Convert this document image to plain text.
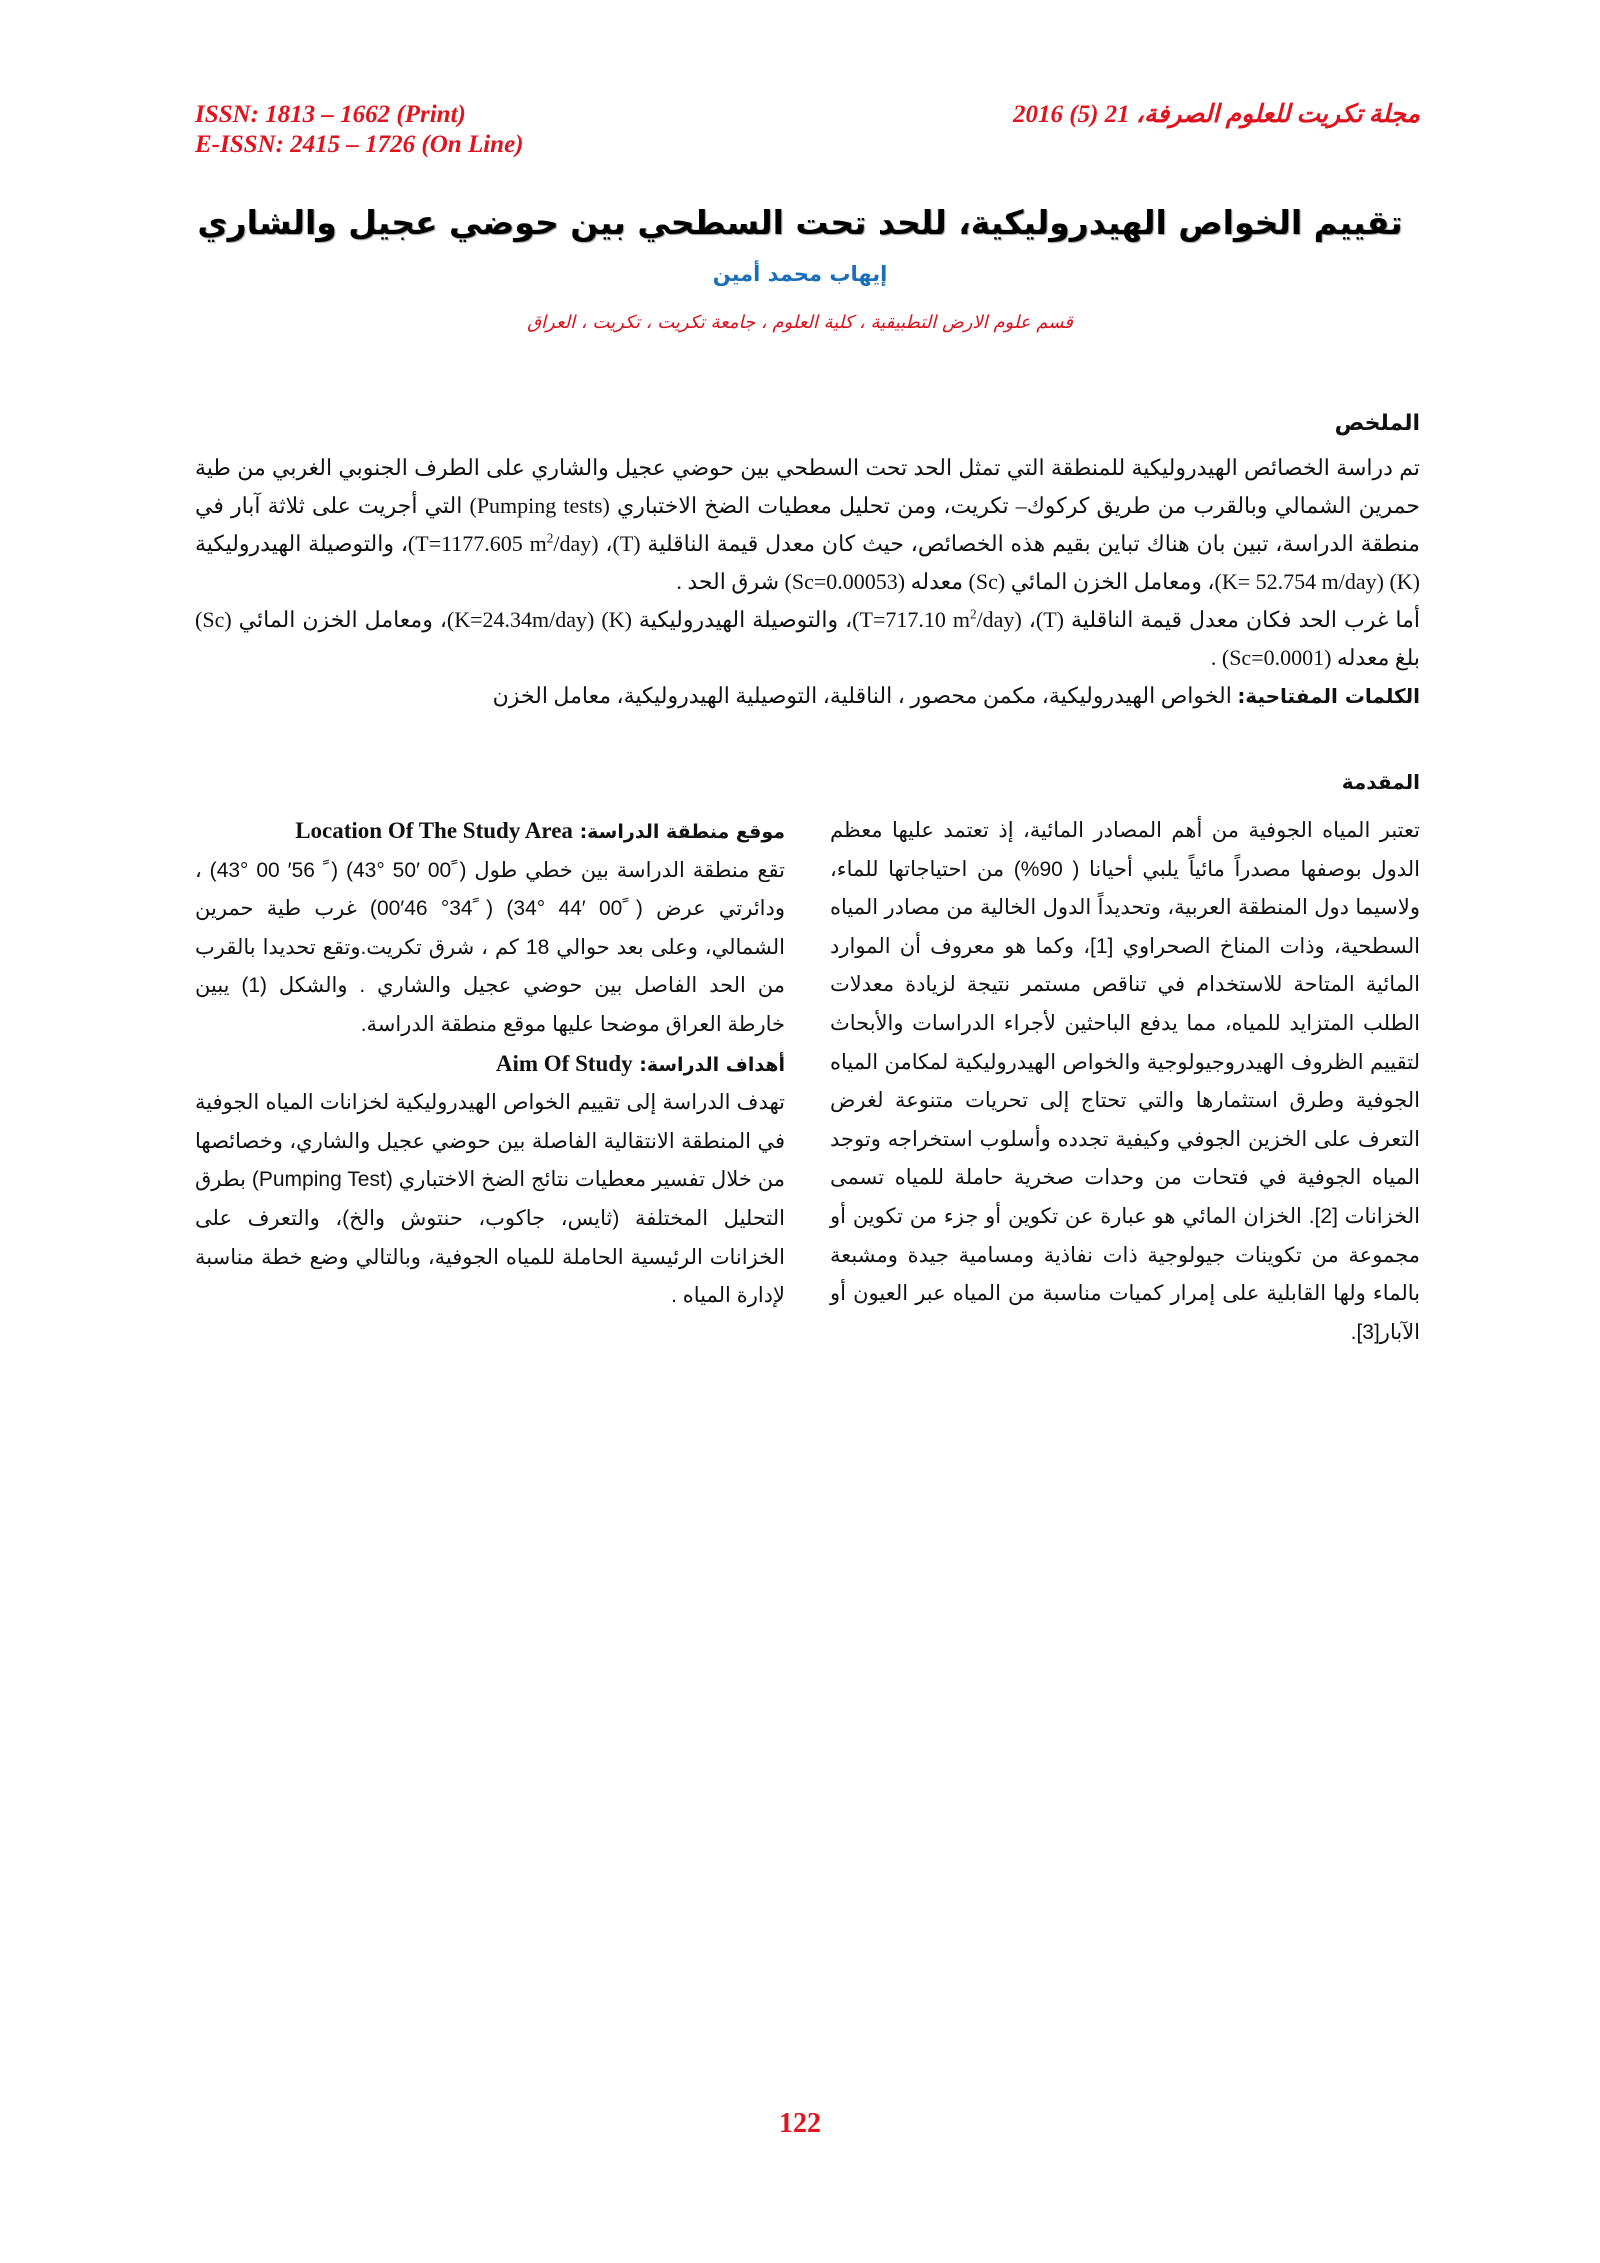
ISSN: 1813 – 1662 (Print)
E-ISSN: 2415 – 1726 (On Line)
مجلة تكريت للعلوم الصرفة، 21 (5) 2016
تقييم الخواص الهيدروليكية، للحد تحت السطحي بين حوضي عجيل والشاري
إيهاب محمد أمين
قسم علوم الارض التطبيقية ، كلية العلوم ، جامعة تكريت ، تكريت ، العراق
الملخص

تم دراسة الخصائص الهيدروليكية للمنطقة التي تمثل الحد تحت السطحي بين حوضي عجيل والشاري على الطرف الجنوبي الغربي من طية حمرين الشمالي وبالقرب من طريق كركوك– تكريت، ومن تحليل معطيات الضخ الاختباري (Pumping tests) التي أجريت على ثلاثة آبار في منطقة الدراسة، تبين بان هناك تباين بقيم هذه الخصائص، حيث كان معدل قيمة الناقلية (T)، (T=1177.605 $m^2/day)،$ والتوصيلة الهيدروليكية (K) (K= 52.754 m/day)، ومعامل الخزن المائي (Sc) معدله (Sc=0.00053) شرق الحد .

أما غرب الحد فكان معدل قيمة الناقلية (T)، (T=717.10 $m^2/day)،$ والتوصيلة الهيدروليكية (K) (K=24.34m/day)، ومعامل الخزن المائي (Sc) بلغ معدله (Sc=0.0001) .

الكلمات المفتاحية: الخواص الهيدروليكية، مكمن محصور ، الناقلية، التوصيلية الهيدروليكية، معامل الخزن

المقدمة

تعتبر المياه الجوفية من أهم المصادر المائية، إذ تعتمد عليها معظم الدول بوصفها مصدراً مائياً يلبي أحيانا ( 90%) من احتياجاتها للماء، ولاسيما دول المنطقة العربية، وتحديداً الدول الخالية من مصادر المياه السطحية، وذات المناخ الصحراوي [1]، وكما هو معروف أن الموارد المائية المتاحة للاستخدام في تناقص مستمر نتيجة لزيادة معدلات الطلب المتزايد للمياه، مما يدفع الباحثين لأجراء الدراسات والأبحاث لتقييم الظروف الهيدروجيولوجية والخواص الهيدروليكية لمكامن المياه الجوفية وطرق استثمارها والتي تحتاج إلى تحريات متنوعة لغرض التعرف على الخزين الجوفي وكيفية تجدده وأسلوب استخراجه وتوجد المياه الجوفية في فتحات من وحدات صخرية حاملة للمياه تسمى الخزانات [2]. الخزان المائي هو عبارة عن تكوين أو جزء من تكوين أو مجموعة من تكوينات جيولوجية ذات نفاذية ومسامية جيدة ومشبعة بالماء ولها القابلية على إمرار كميات مناسبة من المياه عبر العيون أو الآبار[3].

موقع منطقة الدراسة: Location Of The Study Area

تقع منطقة الدراسة بين خطي طول ( ً00 ′50 °43) ( ً 56′ 00 °43) ، ودائرتي عرض ( ً00 ′44 °34) ( ً34° 46′00) غرب طية حمرين الشمالي، وعلى بعد حوالي 18 كم ، شرق تكريت.وتقع تحديدا بالقرب من الحد الفاصل بين حوضي عجيل والشاري . والشكل (1) يبين خارطة العراق موضحا عليها موقع منطقة الدراسة.

أهداف الدراسة: Aim Of Study

تهدف الدراسة إلى تقييم الخواص الهيدروليكية لخزانات المياه الجوفية في المنطقة الانتقالية الفاصلة بين حوضي عجيل والشاري، وخصائصها من خلال تفسير معطيات نتائج الضخ الاختباري (Pumping Test) بطرق التحليل المختلفة (ثايس، جاكوب، حنتوش والخ)، والتعرف على الخزانات الرئيسية الحاملة للمياه الجوفية، وبالتالي وضع خطة مناسبة لإدارة المياه .

122
